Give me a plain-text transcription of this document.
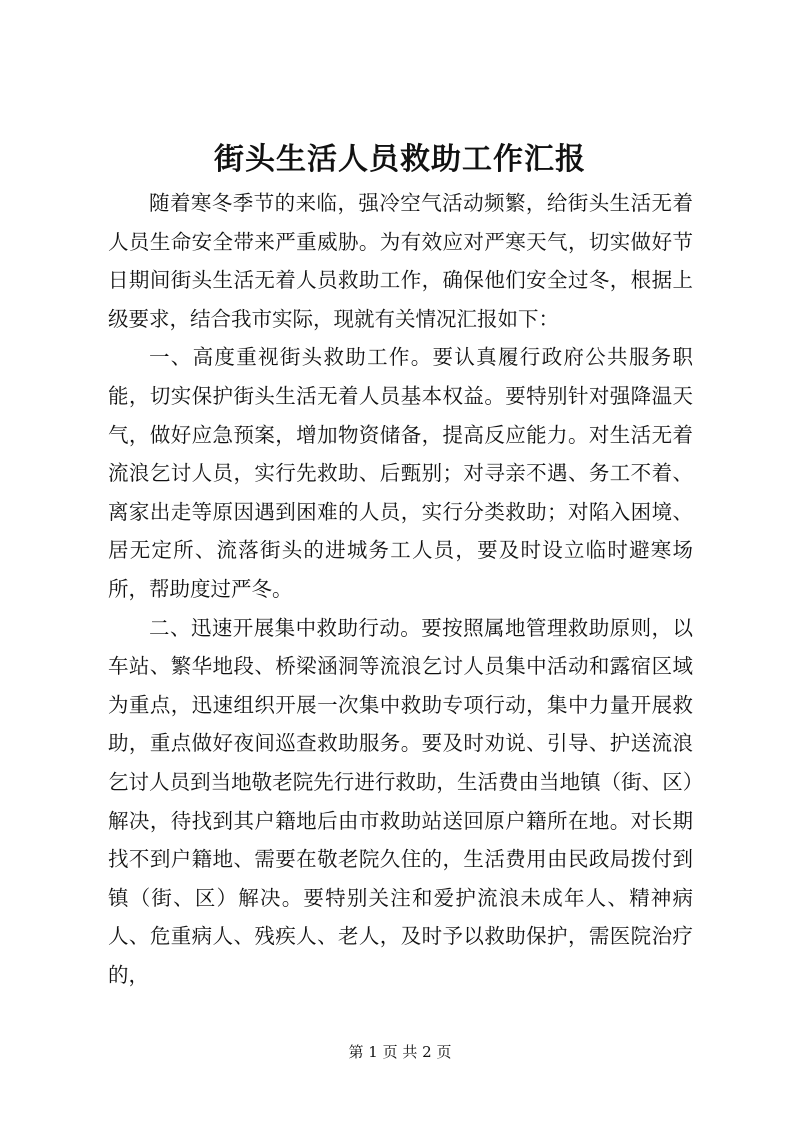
街头生活人员救助工作汇报

随着寒冬季节的来临，强冷空气活动频繁，给街头生活无着人员生命安全带来严重威胁。为有效应对严寒天气，切实做好节日期间街头生活无着人员救助工作，确保他们安全过冬，根据上级要求，结合我市实际，现就有关情况汇报如下：

一、高度重视街头救助工作。要认真履行政府公共服务职能，切实保护街头生活无着人员基本权益。要特别针对强降温天气，做好应急预案，增加物资储备，提高反应能力。对生活无着流浪乞讨人员，实行先救助、后甄别；对寻亲不遇、务工不着、离家出走等原因遇到困难的人员，实行分类救助；对陷入困境、居无定所、流落街头的进城务工人员，要及时设立临时避寒场所，帮助度过严冬。

二、迅速开展集中救助行动。要按照属地管理救助原则，以车站、繁华地段、桥梁涵洞等流浪乞讨人员集中活动和露宿区域为重点，迅速组织开展一次集中救助专项行动，集中力量开展救助，重点做好夜间巡查救助服务。要及时劝说、引导、护送流浪乞讨人员到当地敬老院先行进行救助，生活费由当地镇（街、区）解决，待找到其户籍地后由市救助站送回原户籍所在地。对长期找不到户籍地、需要在敬老院久住的，生活费用由民政局拨付到镇（街、区）解决。要特别关注和爱护流浪未成年人、精神病人、危重病人、残疾人、老人，及时予以救助保护，需医院治疗的，

第 1 页 共 2 页
